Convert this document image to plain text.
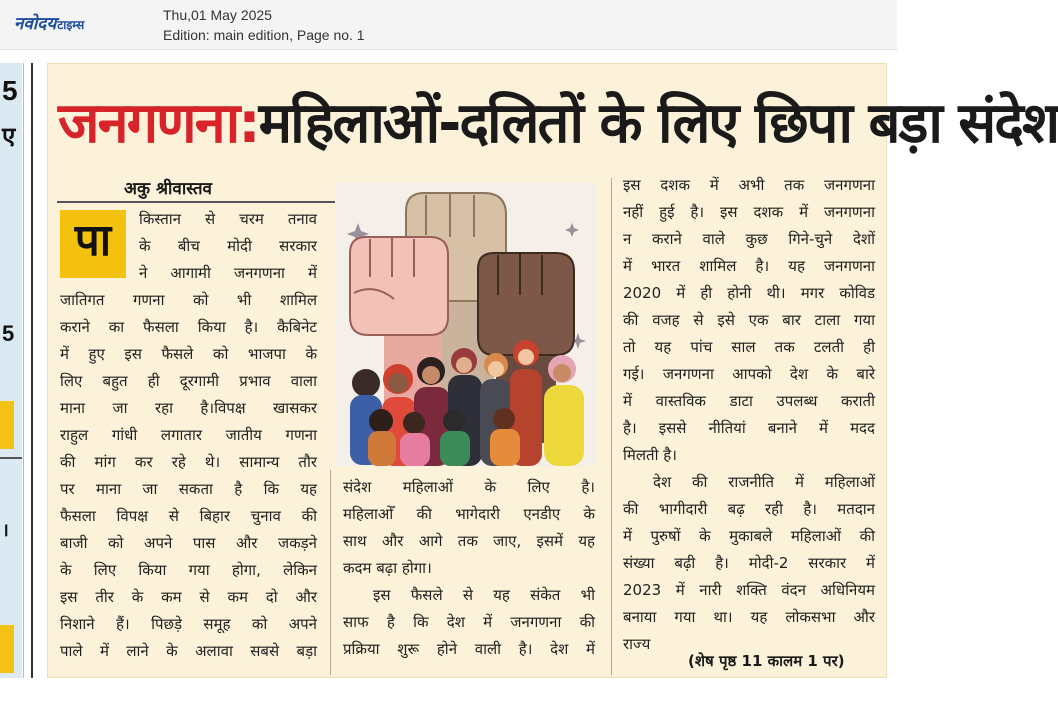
नवोदयटाइम्स
Thu,01 May 2025
Edition: main edition, Page no. 1
5
ए
5
।
जनगणना:महिलाओं-दलितों के लिए छिपा बड़ा संदेश
अकु श्रीवास्तव
पा	किस्तान से चरम तनाव
के बीच मोदी सरकार
ने आगामी जनगणना में
जातिगत गणना को भी शामिल
कराने का फैसला किया है। कैबिनेट
में हुए इस फैसले को भाजपा के
लिए बहुत ही दूरगामी प्रभाव वाला
माना जा रहा है।विपक्ष खासकर
राहुल गांधी लगातार जातीय गणना
की मांग कर रहे थे। सामान्य तौर
पर माना जा सकता है कि यह
फैसला विपक्ष से बिहार चुनाव की
बाजी को अपने पास और जकड़ने
के लिए किया गया होगा, लेकिन
इस तीर के कम से कम दो और
निशाने हैं। पिछड़े समूह को अपने
पाले में लाने के अलावा सबसे बड़ा
संदेश महिलाओं के लिए है।
महिलाओँ की भागेदारी एनडीए के
साथ और आगे तक जाए, इसमें यह
कदम बढ़ा होगा।
इस फैसले से यह संकेत भी
साफ है कि देश में जनगणना की
प्रक्रिया शुरू होने वाली है। देश में
इस दशक में अभी तक जनगणना
नहीं हुई है। इस दशक में जनगणना
न कराने वाले कुछ गिने-चुने देशों
में भारत शामिल है। यह जनगणना
2020 में ही होनी थी। मगर कोविड
की वजह से इसे एक बार टाला गया
तो यह पांच साल तक टलती ही
गई। जनगणना आपको देश के बारे
में वास्तविक डाटा उपलब्ध कराती
है। इससे नीतियां बनाने में मदद
मिलती है।
देश की राजनीति में महिलाओं
की भागीदारी बढ़ रही है। मतदान
में पुरुषों के मुकाबले महिलाओं की
संख्या बढ़ी है। मोदी-2 सरकार में
2023 में नारी शक्ति वंदन अधिनियम
बनाया गया था। यह लोकसभा और
राज्य
(शेष पृष्ठ 11 कालम 1 पर)
